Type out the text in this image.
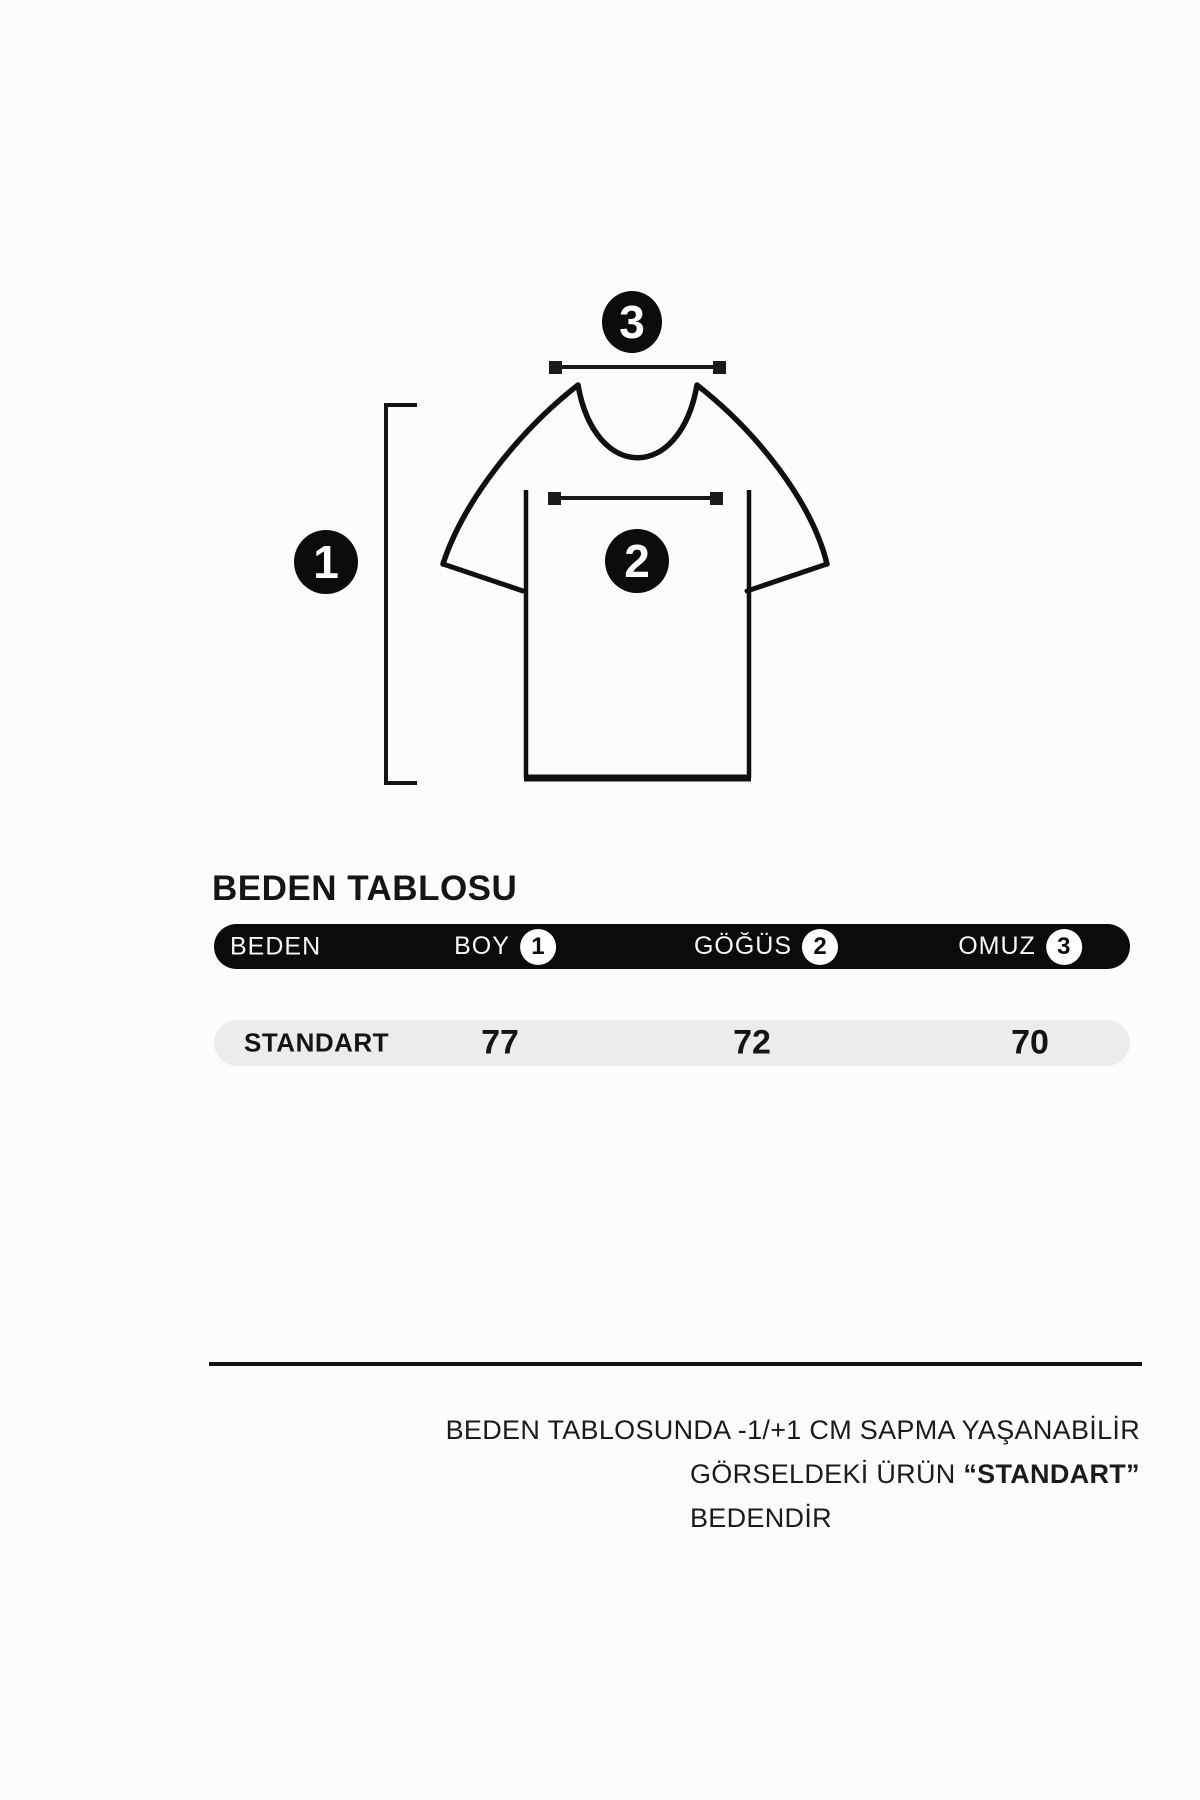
1	2
3
BEDEN TABLOSU
BEDEN	BOY 1	GÖĞÜS 2	OMUZ 3
STANDART	77	72	70
BEDEN TABLOSUNDA -1/+1 CM SAPMA YAŞANABİLİR
GÖRSELDEKİ ÜRÜN “STANDART”
BEDENDİR
